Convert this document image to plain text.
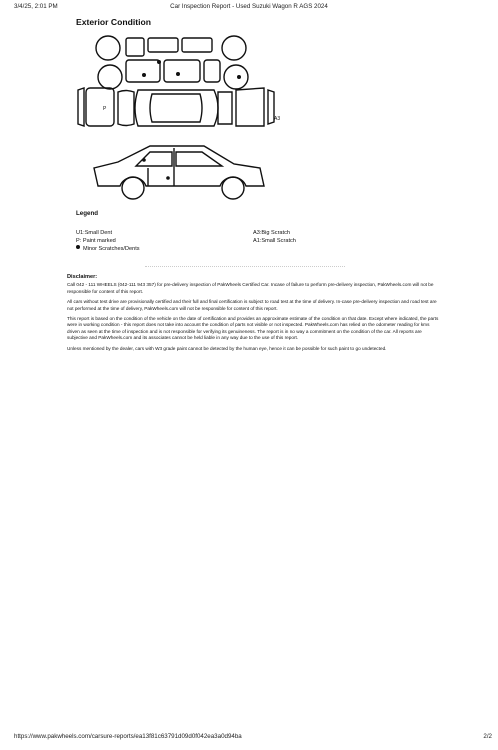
3/4/25, 2:01 PM	Car Inspection Report - Used Suzuki Wagon R AGS 2024
Exterior Condition
P
A3
Legend
U1:Small Dent
P: Paint marked
Minor Scratches/Dents
A3:Big Scratch
A1:Small Scratch
Disclaimer:

Call 042 - 111 WHEELS (042-111 943 357) for pre-delivery inspection of PakWheels Certified Car. Incase of failure to perform pre-delivery inspection, PakWheels.com will not be responsible for content of this report.

All cars without test drive are provisionally certified and their full and final certification is subject to road test at the time of delivery. In-case pre-delivery inspection and road test are not performed at the time of delivery, PakWheels.com will not be responsible for content of this report.

This report is based on the condition of the vehicle on the date of certification and provides an approximate estimate of the condition on that date. Except where indicated, the parts were in working condition - this report does not take into account the condition of parts not visible or not inspected. PakWheels.com has relied on the odometer reading for kms driven as seen at the time of inspection and is not responsible for verifying its genuineness. The report is in no way a commitment on the condition of the car. All reports are subjective and PakWheels.com and its associates cannot be held liable in any way due to the use of this report.

Unless mentioned by the dealer, cars with W3 grade paint cannot be detected by the human eye, hence it can be possible for such paint to go undetected.

https://www.pakwheels.com/carsure-reports/ea13f81c63791d09d0f042ea3a0d94ba	2/2
